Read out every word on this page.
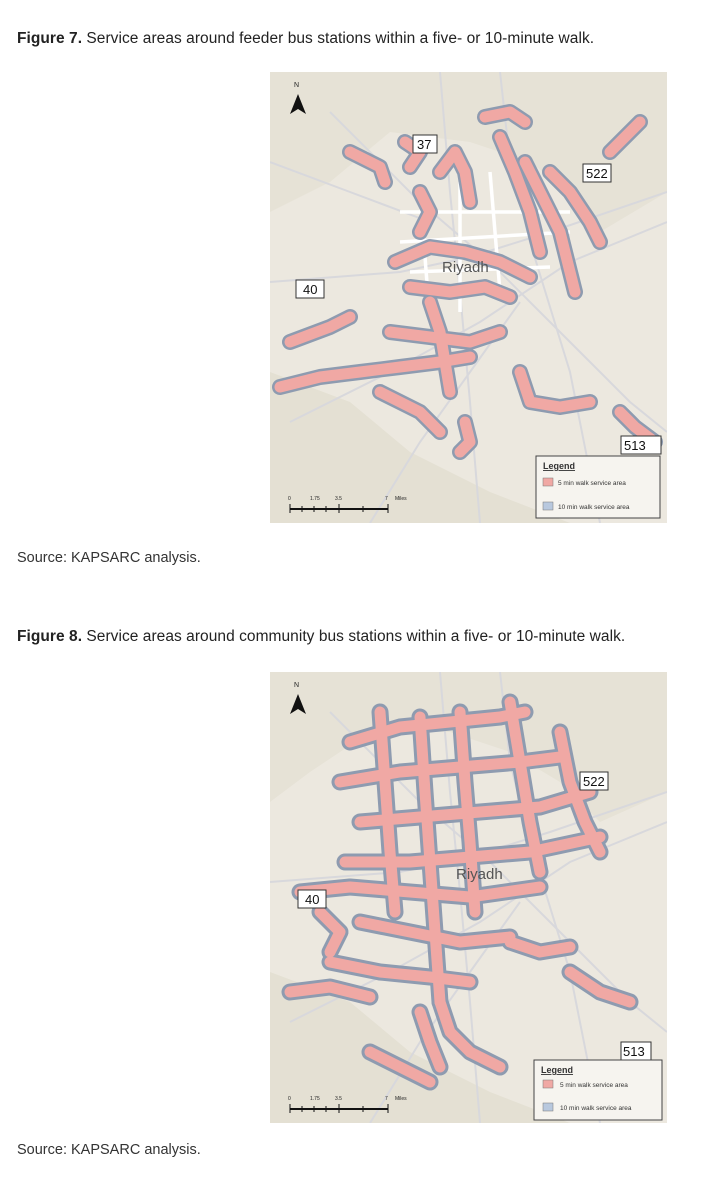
Figure 7. Service areas around feeder bus stations within a five- or 10-minute walk.
N
Riyadh
37
522
40
513
Legend
5 min walk service area
10 min walk service area
0	1.75	3.5	7 Miles
Source: KAPSARC analysis.
Figure 8. Service areas around community bus stations within a five- or 10-minute walk.
N
Riyadh
522
40
513
Legend
5 min walk service area
10 min walk service area
0	1.75	3.5	7 Miles
Source: KAPSARC analysis.
